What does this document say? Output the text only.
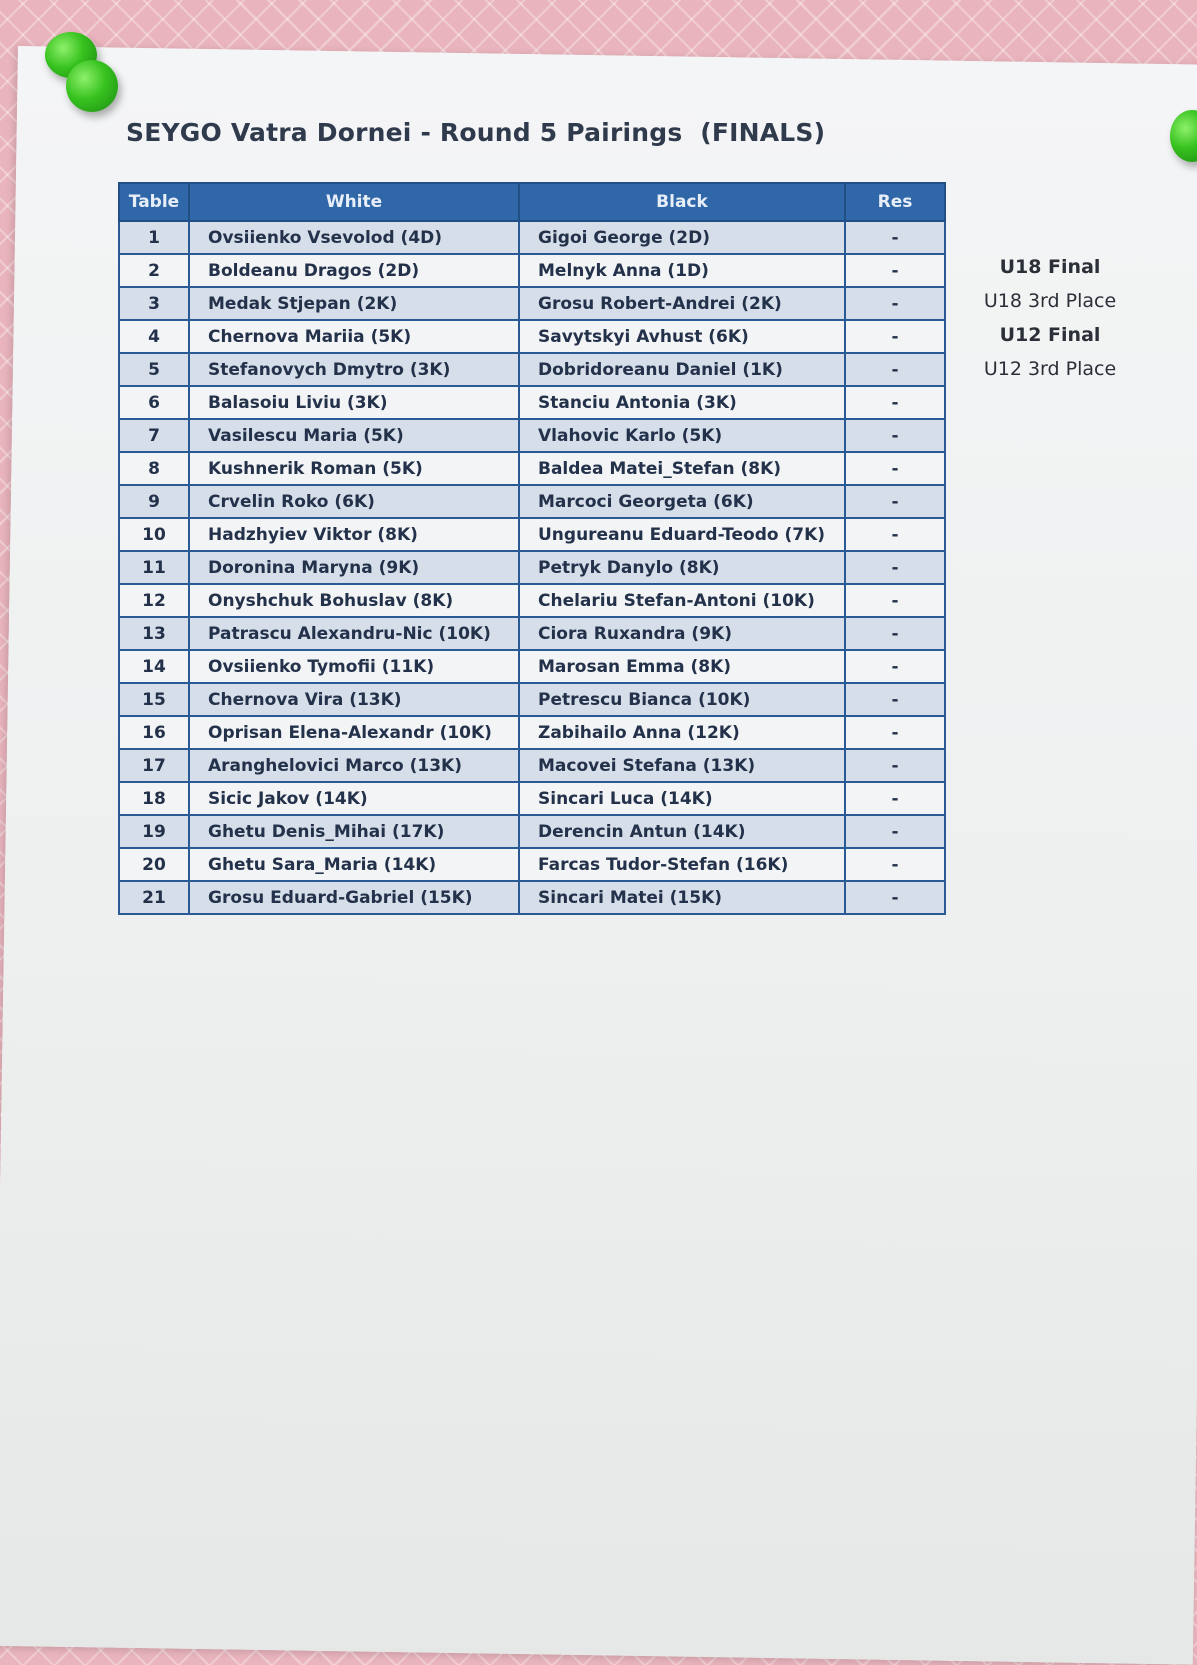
SEYGO Vatra Dornei - Round 5 Pairings  (FINALS)
Table	White	Black	Res
1	Ovsiienko Vsevolod (4D)	Gigoi George (2D)	-
2	Boldeanu Dragos (2D)	Melnyk Anna (1D)	-
3	Medak Stjepan (2K)	Grosu Robert-Andrei (2K)	-
4	Chernova Mariia (5K)	Savytskyi Avhust (6K)	-
5	Stefanovych Dmytro (3K)	Dobridoreanu Daniel (1K)	-
6	Balasoiu Liviu (3K)	Stanciu Antonia (3K)	-
7	Vasilescu Maria (5K)	Vlahovic Karlo (5K)	-
8	Kushnerik Roman (5K)	Baldea Matei_Stefan (8K)	-
9	Crvelin Roko (6K)	Marcoci Georgeta (6K)	-
10	Hadzhyiev Viktor (8K)	Ungureanu Eduard-Teodo (7K)	-
11	Doronina Maryna (9K)	Petryk Danylo (8K)	-
12	Onyshchuk Bohuslav (8K)	Chelariu Stefan-Antoni (10K)	-
13	Patrascu Alexandru-Nic (10K)	Ciora Ruxandra (9K)	-
14	Ovsiienko Tymofii (11K)	Marosan Emma (8K)	-
15	Chernova Vira (13K)	Petrescu Bianca (10K)	-
16	Oprisan Elena-Alexandr (10K)	Zabihailo Anna (12K)	-
17	Aranghelovici Marco (13K)	Macovei Stefana (13K)	-
18	Sicic Jakov (14K)	Sincari Luca (14K)	-
19	Ghetu Denis_Mihai (17K)	Derencin Antun (14K)	-
20	Ghetu Sara_Maria (14K)	Farcas Tudor-Stefan (16K)	-
21	Grosu Eduard-Gabriel (15K)	Sincari Matei (15K)	-
U18 Final
U18 3rd Place
U12 Final
U12 3rd Place
